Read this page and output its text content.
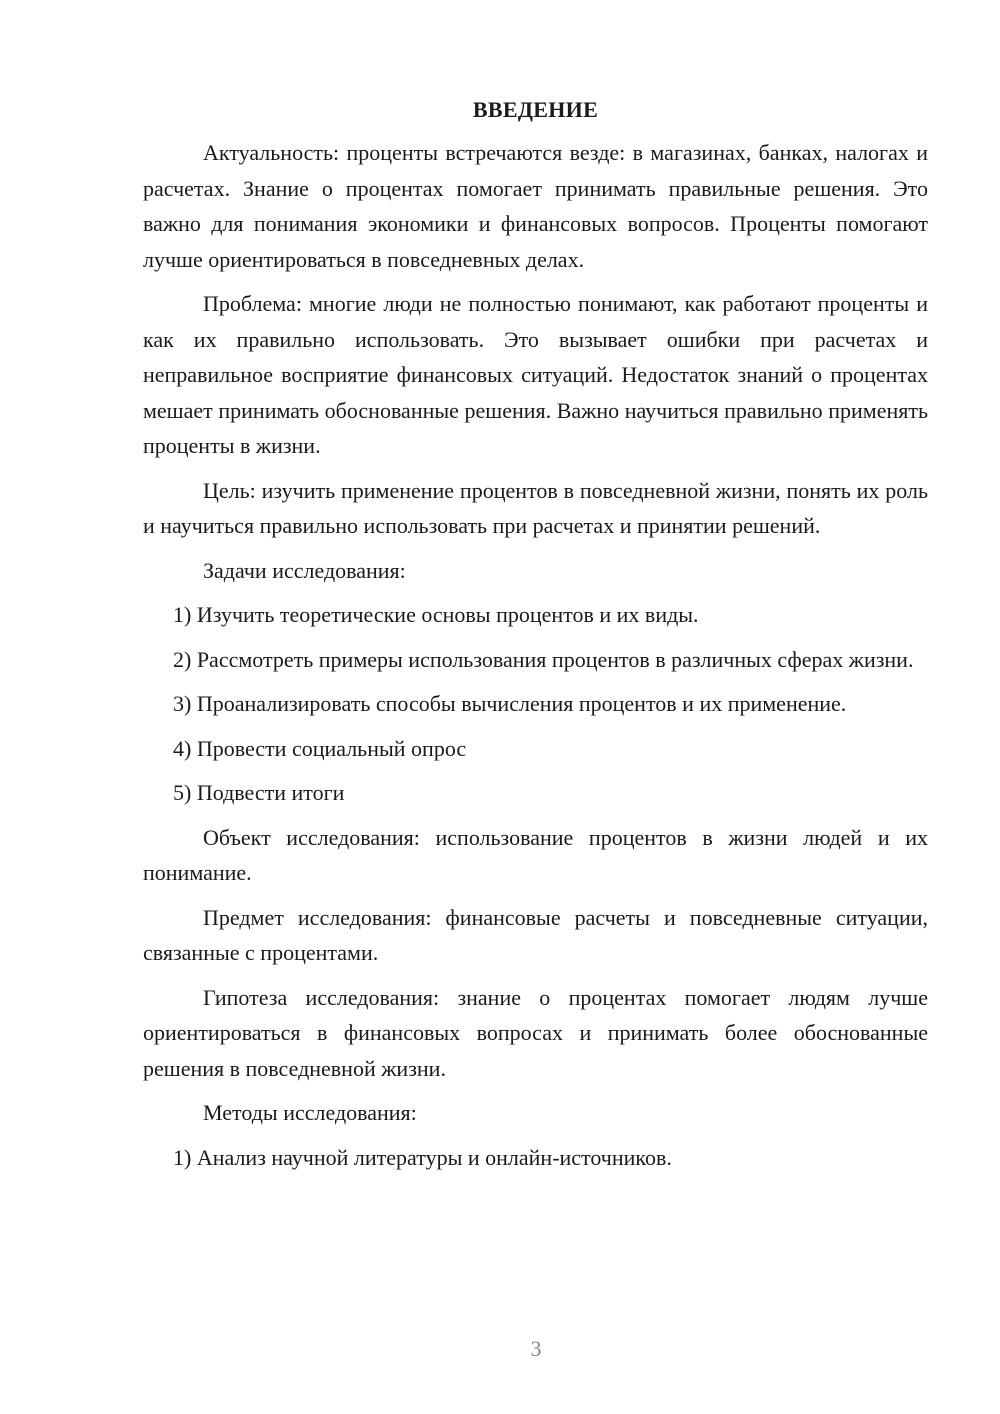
ВВЕДЕНИЕ

Актуальность: проценты встречаются везде: в магазинах, банках, налогах и расчетах. Знание о процентах помогает принимать правильные решения. Это важно для понимания экономики и финансовых вопросов. Проценты помогают лучше ориентироваться в повседневных делах.

Проблема: многие люди не полностью понимают, как работают проценты и как их правильно использовать. Это вызывает ошибки при расчетах и неправильное восприятие финансовых ситуаций. Недостаток знаний о процентах мешает принимать обоснованные решения. Важно научиться правильно применять проценты в жизни.

Цель: изучить применение процентов в повседневной жизни, понять их роль и научиться правильно использовать при расчетах и принятии решений.

Задачи исследования:

1) Изучить теоретические основы процентов и их виды.

2) Рассмотреть примеры использования процентов в различных сферах жизни.

3) Проанализировать способы вычисления процентов и их применение.

4) Провести социальный опрос

5) Подвести итоги

Объект исследования: использование процентов в жизни людей и их понимание.

Предмет исследования: финансовые расчеты и повседневные ситуации, связанные с процентами.

Гипотеза исследования: знание о процентах помогает людям лучше ориентироваться в финансовых вопросах и принимать более обоснованные решения в повседневной жизни.

Методы исследования:

1) Анализ научной литературы и онлайн-источников.

3
